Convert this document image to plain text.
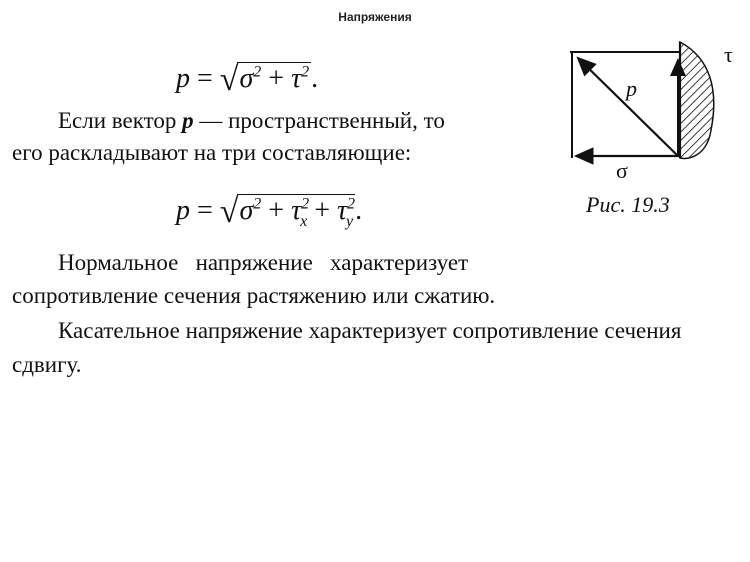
Напряжения
$p = √\sigma^2 + \tau^2$.
Если вектор p — пространственный, то
его раскладывают на три составляющие:
$p = √\sigma^2 + \tau^2_x + \tau^2_y$.
Нормальное   напряжение   характеризует
сопротивление сечения растяжению или сжатию.
Касательное напряжение характеризует сопротивление сечения
сдвигу.
p
σ
τ
Рис. 19.3
